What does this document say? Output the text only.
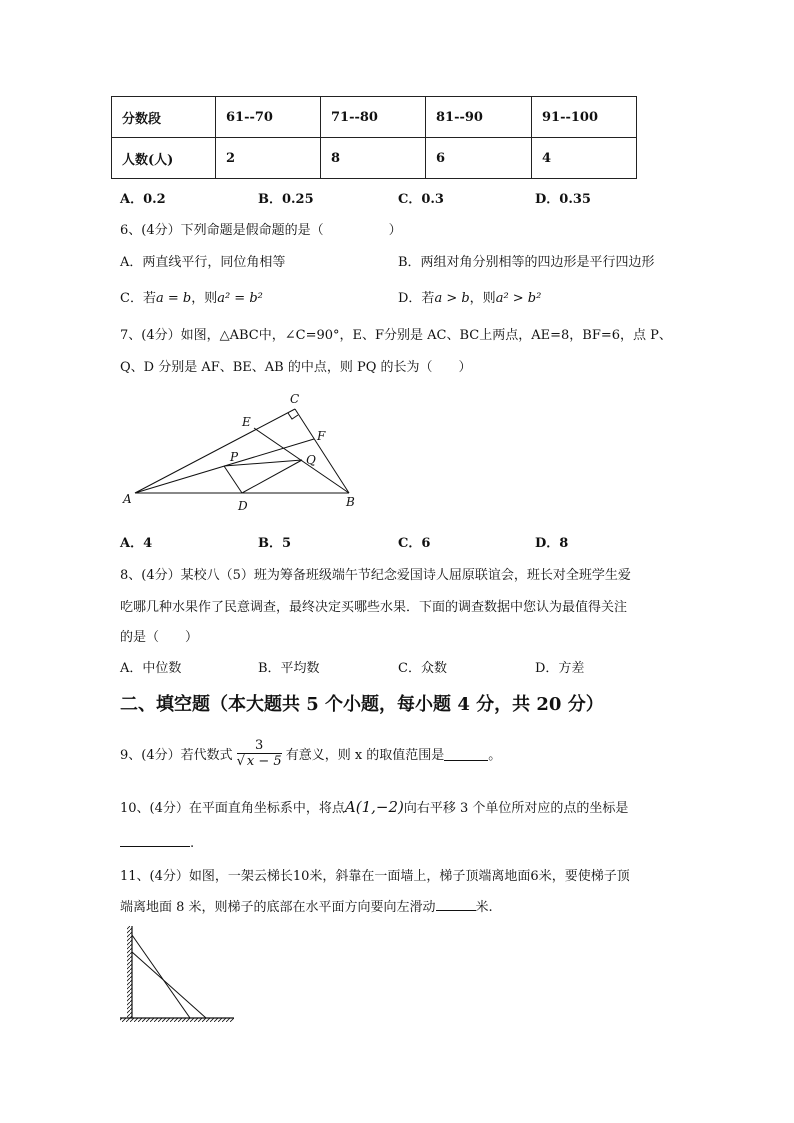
分数段	61--70	71--80	81--90	91--100
人数(人)	2	8	6	4
A．0.2	B．0.25	C．0.3	D．0.35
6、(4分）下列命题是假命题的是（　　　　　）
A．两直线平行，同位角相等	B．两组对角分别相等的四边形是平行四边形
C．若a = b，则a² = b²	D．若a > b，则a² > b²
7、(4分）如图，△ABC中，∠C=90°，E、F分别是 AC、BC上两点，AE=8，BF=6，点 P、
Q、D 分别是 AF、BE、AB 的中点，则 PQ 的长为（　　）
A	B
C
D
E
F
P	Q
A．4	B．5	C．6	D．8
8、(4分）某校八（5）班为筹备班级端午节纪念爱国诗人屈原联谊会，班长对全班学生爱
吃哪几种水果作了民意调查，最终决定买哪些水果．下面的调查数据中您认为最值得关注
的是（　　）
A．中位数	B．平均数	C．众数	D．方差
二、填空题（本大题共 5 个小题，每小题 4 分，共 20 分）
9、(4分）若代数式 $\frac{3}{√ x - 5}$ 有意义，则 x 的取值范围是	。
10、(4分）在平面直角坐标系中，将点A(1,−2)向右平移 3 个单位所对应的点的坐标是
.
11、(4分）如图，一架云梯长10米，斜靠在一面墙上，梯子顶端离地面6米，要使梯子顶
端离地面 8 米，则梯子的底部在水平面方向要向左滑动	米.
